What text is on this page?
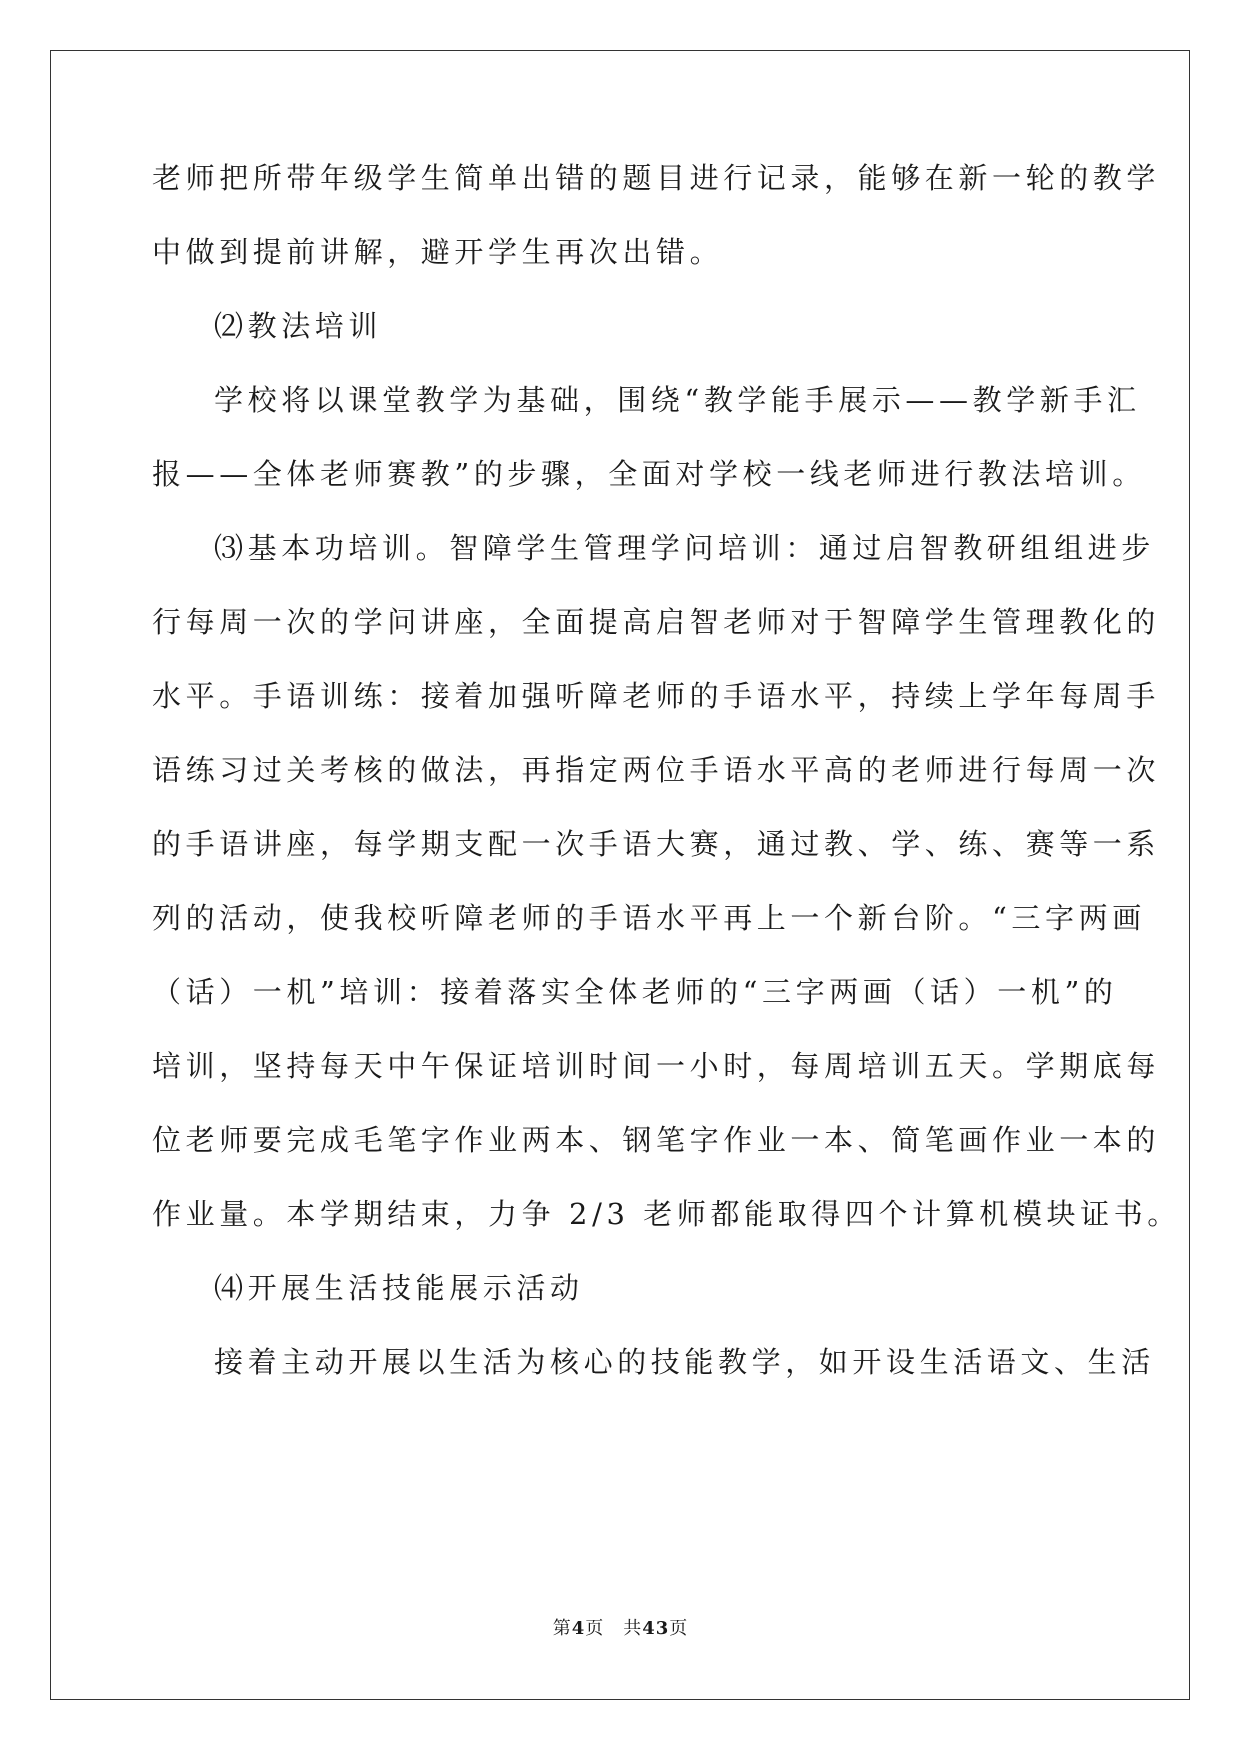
老师把所带年级学生简单出错的题目进行记录，能够在新一轮的教学

中做到提前讲解，避开学生再次出错。

⑵教法培训

学校将以课堂教学为基础，围绕“教学能手展示——教学新手汇

报——全体老师赛教”的步骤，全面对学校一线老师进行教法培训。

⑶基本功培训。智障学生管理学问培训：通过启智教研组组进步

行每周一次的学问讲座，全面提高启智老师对于智障学生管理教化的

水平。手语训练：接着加强听障老师的手语水平，持续上学年每周手

语练习过关考核的做法，再指定两位手语水平高的老师进行每周一次

的手语讲座，每学期支配一次手语大赛，通过教、学、练、赛等一系

列的活动，使我校听障老师的手语水平再上一个新台阶。“三字两画

（话）一机”培训：接着落实全体老师的“三字两画（话）一机”的

培训，坚持每天中午保证培训时间一小时，每周培训五天。学期底每

位老师要完成毛笔字作业两本、钢笔字作业一本、简笔画作业一本的

作业量。本学期结束，力争 2/3 老师都能取得四个计算机模块证书。

⑷开展生活技能展示活动

接着主动开展以生活为核心的技能教学，如开设生活语文、生活

第4页　共43页
